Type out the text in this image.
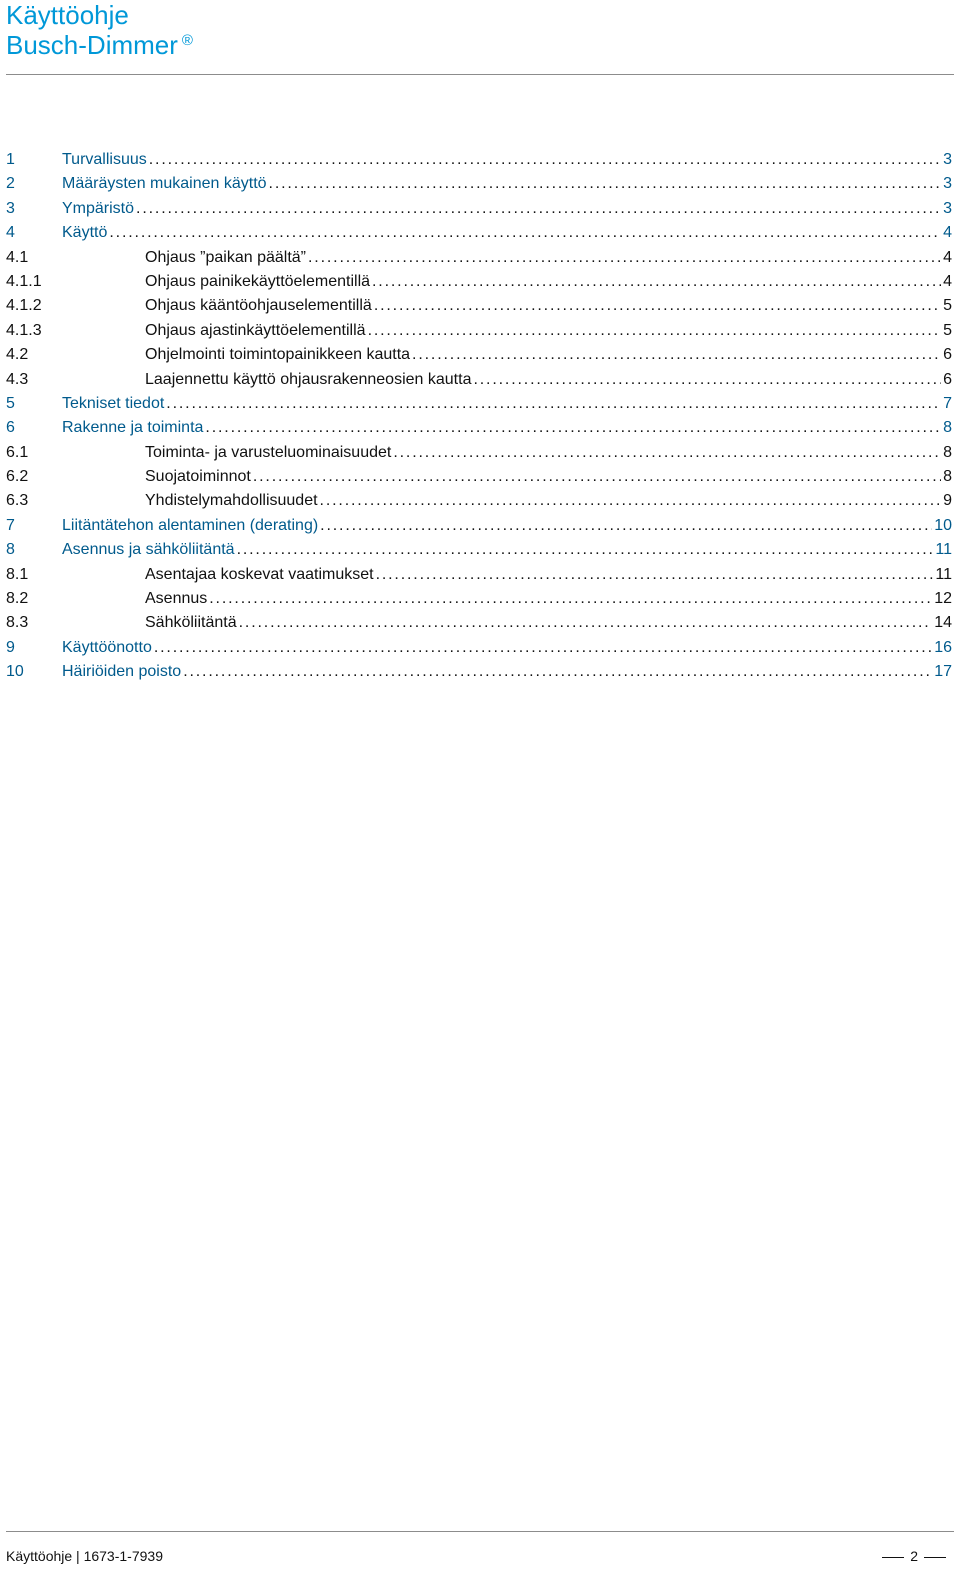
Käyttöohje
Busch-Dimmer ®
1	Turvallisuus . . .	3
2	Määräysten mukainen käyttö . . .	3
3	Ympäristö . . .	3
4	Käyttö . . .	4
4.1	Ohjaus ”paikan päältä” . . .	4
4.1.1	Ohjaus painikekäyttöelementillä . . .	4
4.1.2	Ohjaus kääntöohjauselementillä . . .	5
4.1.3	Ohjaus ajastinkäyttöelementillä . . .	5
4.2	Ohjelmointi toimintopainikkeen kautta . . .	6
4.3	Laajennettu käyttö ohjausrakenneosien kautta . . .	6
5	Tekniset tiedot . . .	7
6	Rakenne ja toiminta . . .	8
6.1	Toiminta- ja varusteluominaisuudet . . .	8
6.2	Suojatoiminnot . . .	8
6.3	Yhdistelymahdollisuudet . . .	9
7	Liitäntätehon alentaminen (derating) . . .	10
8	Asennus ja sähköliitäntä . . .	11
8.1	Asentajaa koskevat vaatimukset . . .	11
8.2	Asennus . . .	12
8.3	Sähköliitäntä . . .	14
9	Käyttöönotto . . .	16
10 Häiriöiden poisto . . .	17
Käyttöohje | 1673-1-7939	2
